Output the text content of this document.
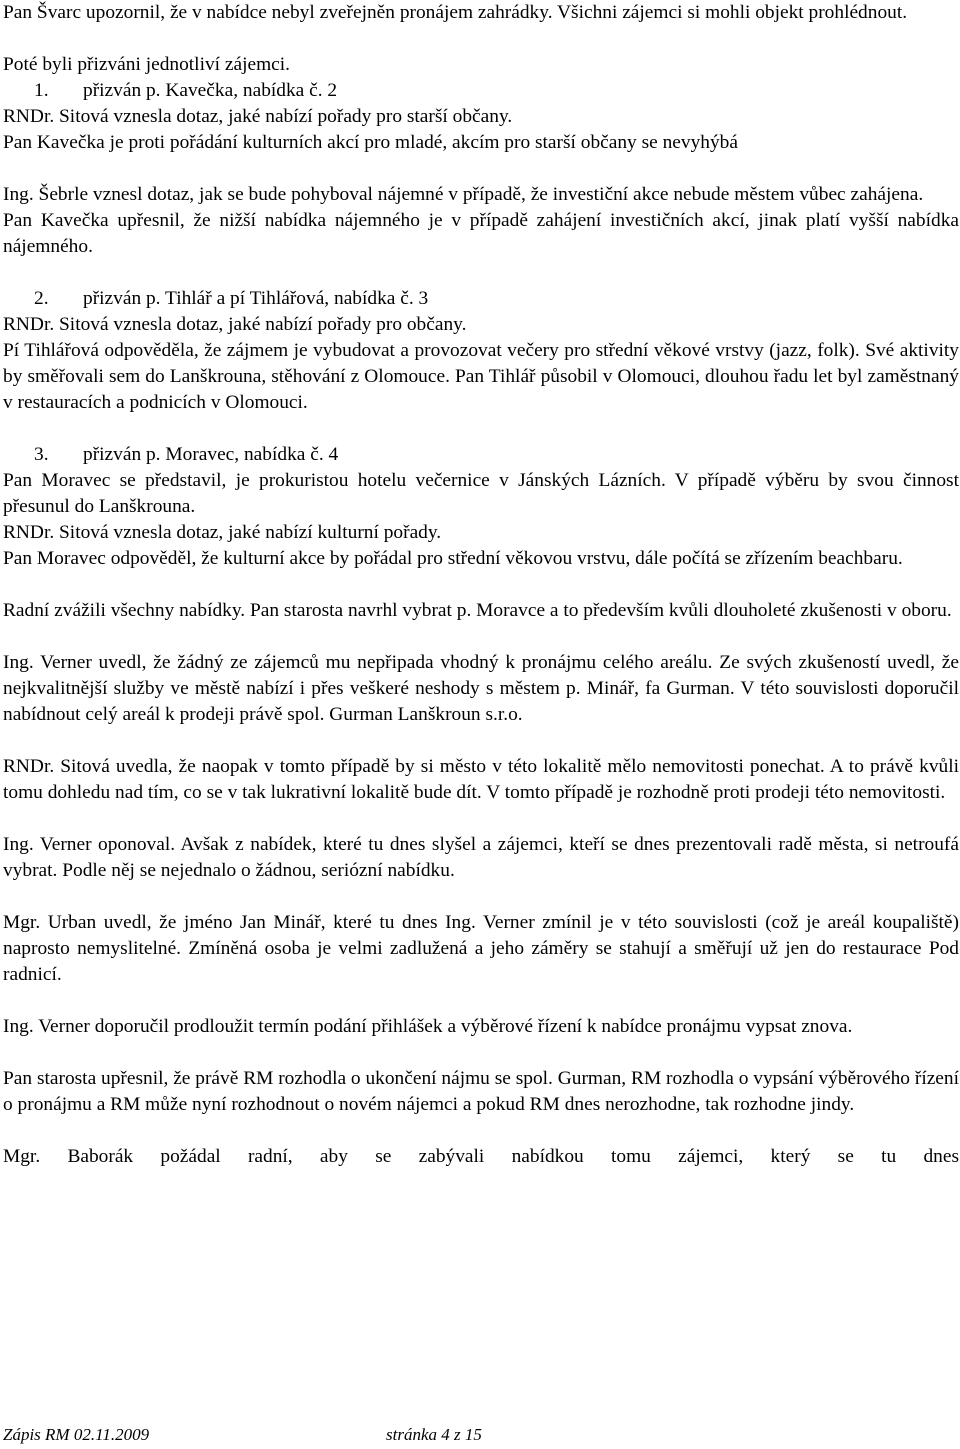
Pan Švarc upozornil, že v nabídce nebyl zveřejněn pronájem zahrádky. Všichni zájemci si mohli objekt prohlédnout.

Poté byli přizváni jednotliví zájemci.

1.	přizván p. Kavečka, nabídka č. 2

RNDr. Sitová vznesla dotaz, jaké nabízí pořady pro starší občany.

Pan Kavečka je proti pořádání kulturních akcí pro mladé, akcím pro starší občany se nevyhýbá

Ing. Šebrle vznesl dotaz, jak se bude pohyboval nájemné v případě, že investiční akce nebude městem vůbec zahájena.

Pan Kavečka upřesnil, že nižší nabídka nájemného je v případě zahájení investičních akcí, jinak platí vyšší nabídka nájemného.

2.	přizván p. Tihlář a pí Tihlářová, nabídka č. 3

RNDr. Sitová vznesla dotaz, jaké nabízí pořady pro občany.

Pí Tihlářová odpověděla, že zájmem je vybudovat a provozovat večery pro střední věkové vrstvy (jazz, folk). Své aktivity by směřovali sem do Lanškrouna, stěhování z Olomouce. Pan Tihlář působil v Olomouci, dlouhou řadu let byl zaměstnaný v restauracích a podnicích v Olomouci.

3.	přizván p. Moravec, nabídka č. 4

Pan Moravec se představil, je prokuristou hotelu večernice v Jánských Lázních. V případě výběru by svou činnost přesunul do Lanškrouna.

RNDr. Sitová vznesla dotaz, jaké nabízí kulturní pořady.

Pan Moravec odpověděl, že kulturní akce by pořádal pro střední věkovou vrstvu, dále počítá se zřízením beachbaru.

Radní zvážili všechny nabídky. Pan starosta navrhl vybrat p. Moravce a to především kvůli dlouholeté zkušenosti v oboru.

Ing. Verner uvedl, že žádný ze zájemců mu nepřipada vhodný k pronájmu celého areálu. Ze svých zkušeností uvedl, že nejkvalitnější služby ve městě nabízí i přes veškeré neshody s městem p. Minář, fa Gurman. V této souvislosti doporučil nabídnout celý areál k prodeji právě spol. Gurman Lanškroun s.r.o.

RNDr. Sitová uvedla, že naopak v tomto případě by si město v této lokalitě mělo nemovitosti ponechat. A to právě kvůli tomu dohledu nad tím, co se v tak lukrativní lokalitě bude dít. V tomto případě je rozhodně proti prodeji této nemovitosti.

Ing. Verner oponoval. Avšak z nabídek, které tu dnes slyšel a zájemci, kteří se dnes prezentovali radě města, si netroufá vybrat. Podle něj se nejednalo o žádnou, seriózní nabídku.

Mgr. Urban uvedl, že jméno Jan Minář, které tu dnes Ing. Verner zmínil je v této souvislosti (což je areál koupaliště) naprosto nemyslitelné. Zmíněná osoba je velmi zadlužená a jeho záměry se stahují a směřují už jen do restaurace Pod radnicí.

Ing. Verner doporučil prodloužit termín podání přihlášek a výběrové řízení k nabídce pronájmu vypsat znova.

Pan starosta upřesnil, že právě RM rozhodla o ukončení nájmu se spol. Gurman, RM rozhodla o vypsání výběrového řízení o pronájmu a RM může nyní rozhodnout o novém nájemci a pokud RM dnes nerozhodne, tak rozhodne jindy.

Mgr. Baborák požádal radní, aby se zabývali nabídkou tomu zájemci, který se tu dnes

Zápis RM 02.11.2009	stránka 4 z 15
